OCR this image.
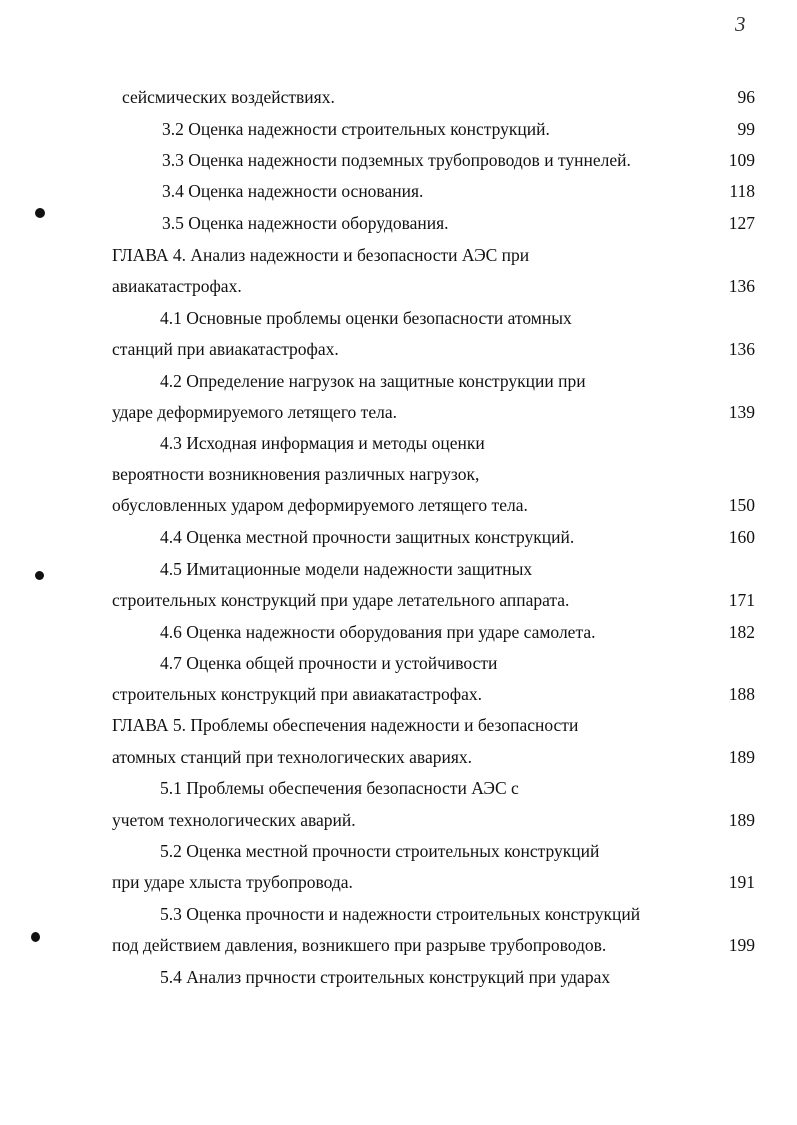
3
сейсмических воздействиях.	96
3.2 Оценка надежности строительных конструкций.	99
3.3 Оценка надежности подземных трубопроводов и туннелей.	109
3.4 Оценка надежности основания.	118
3.5 Оценка надежности оборудования.	127
ГЛАВА 4. Анализ надежности и безопасности АЭС при
авиакатастрофах.	136
4.1 Основные проблемы оценки безопасности атомных
станций при авиакатастрофах.	136
4.2 Определение нагрузок на защитные конструкции при
ударе деформируемого летящего тела.	139
4.3 Исходная информация и методы оценки
вероятности возникновения различных нагрузок,
обусловленных ударом деформируемого летящего тела.	150
4.4 Оценка местной прочности защитных конструкций.	160
4.5 Имитационные модели надежности защитных
строительных конструкций при ударе летательного аппарата.	171
4.6 Оценка надежности оборудования при ударе самолета.	182
4.7 Оценка общей прочности и устойчивости
строительных конструкций при авиакатастрофах.	188
ГЛАВА 5. Проблемы обеспечения надежности и безопасности
атомных станций при технологических авариях.	189
5.1 Проблемы обеспечения безопасности АЭС с
учетом технологических аварий.	189
5.2 Оценка местной прочности строительных конструкций
при ударе хлыста трубопровода.	191
5.3 Оценка прочности и надежности строительных конструкций
под действием давления, возникшего при разрыве трубопроводов.	199
5.4 Анализ пpчности строительных конструкций при ударах
